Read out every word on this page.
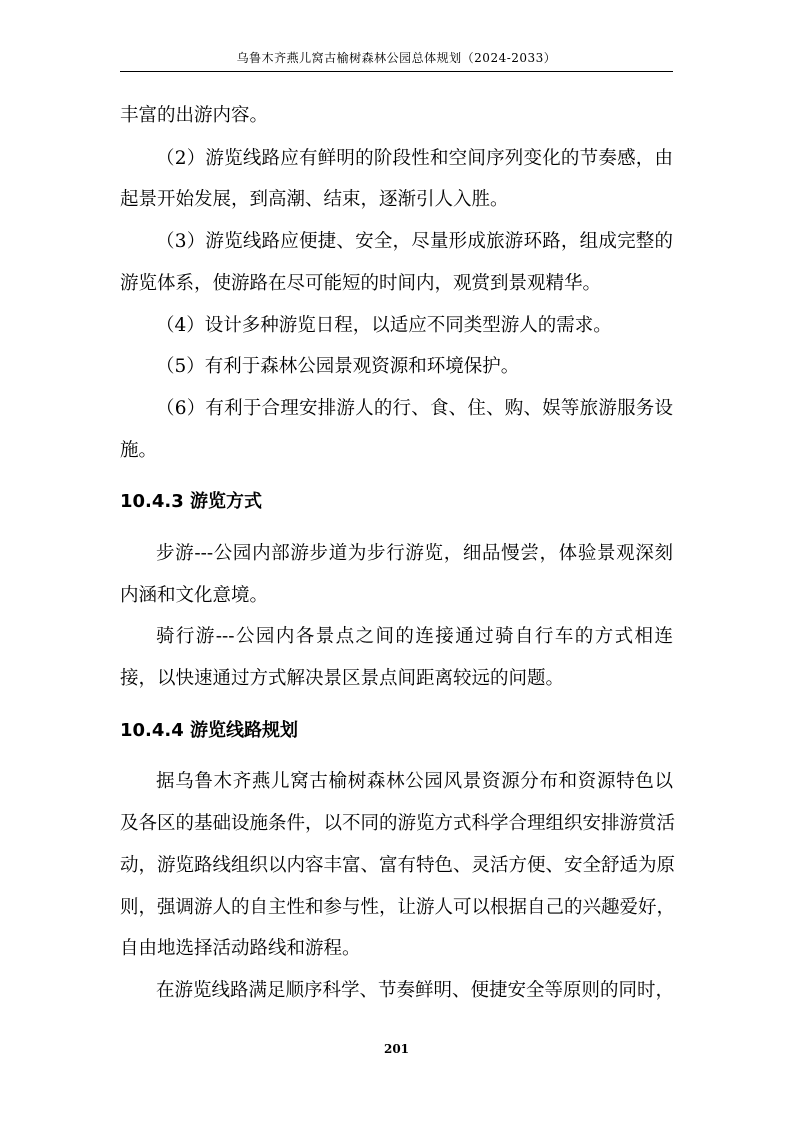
乌鲁木齐燕儿窝古榆树森林公园总体规划（2024-2033）
丰富的出游内容。
（2）游览线路应有鲜明的阶段性和空间序列变化的节奏感，由
起景开始发展，到高潮、结束，逐渐引人入胜。
（3）游览线路应便捷、安全，尽量形成旅游环路，组成完整的
游览体系，使游路在尽可能短的时间内，观赏到景观精华。
（4）设计多种游览日程，以适应不同类型游人的需求。
（5）有利于森林公园景观资源和环境保护。
（6）有利于合理安排游人的行、食、住、购、娱等旅游服务设
施。
10.4.3 游览方式
步游---公园内部游步道为步行游览，细品慢尝，体验景观深刻
内涵和文化意境。
骑行游---公园内各景点之间的连接通过骑自行车的方式相连
接，以快速通过方式解决景区景点间距离较远的问题。
10.4.4 游览线路规划
据乌鲁木齐燕儿窝古榆树森林公园风景资源分布和资源特色以
及各区的基础设施条件，以不同的游览方式科学合理组织安排游赏活
动，游览路线组织以内容丰富、富有特色、灵活方便、安全舒适为原
则，强调游人的自主性和参与性，让游人可以根据自己的兴趣爱好，
自由地选择活动路线和游程。
在游览线路满足顺序科学、节奏鲜明、便捷安全等原则的同时，
201
